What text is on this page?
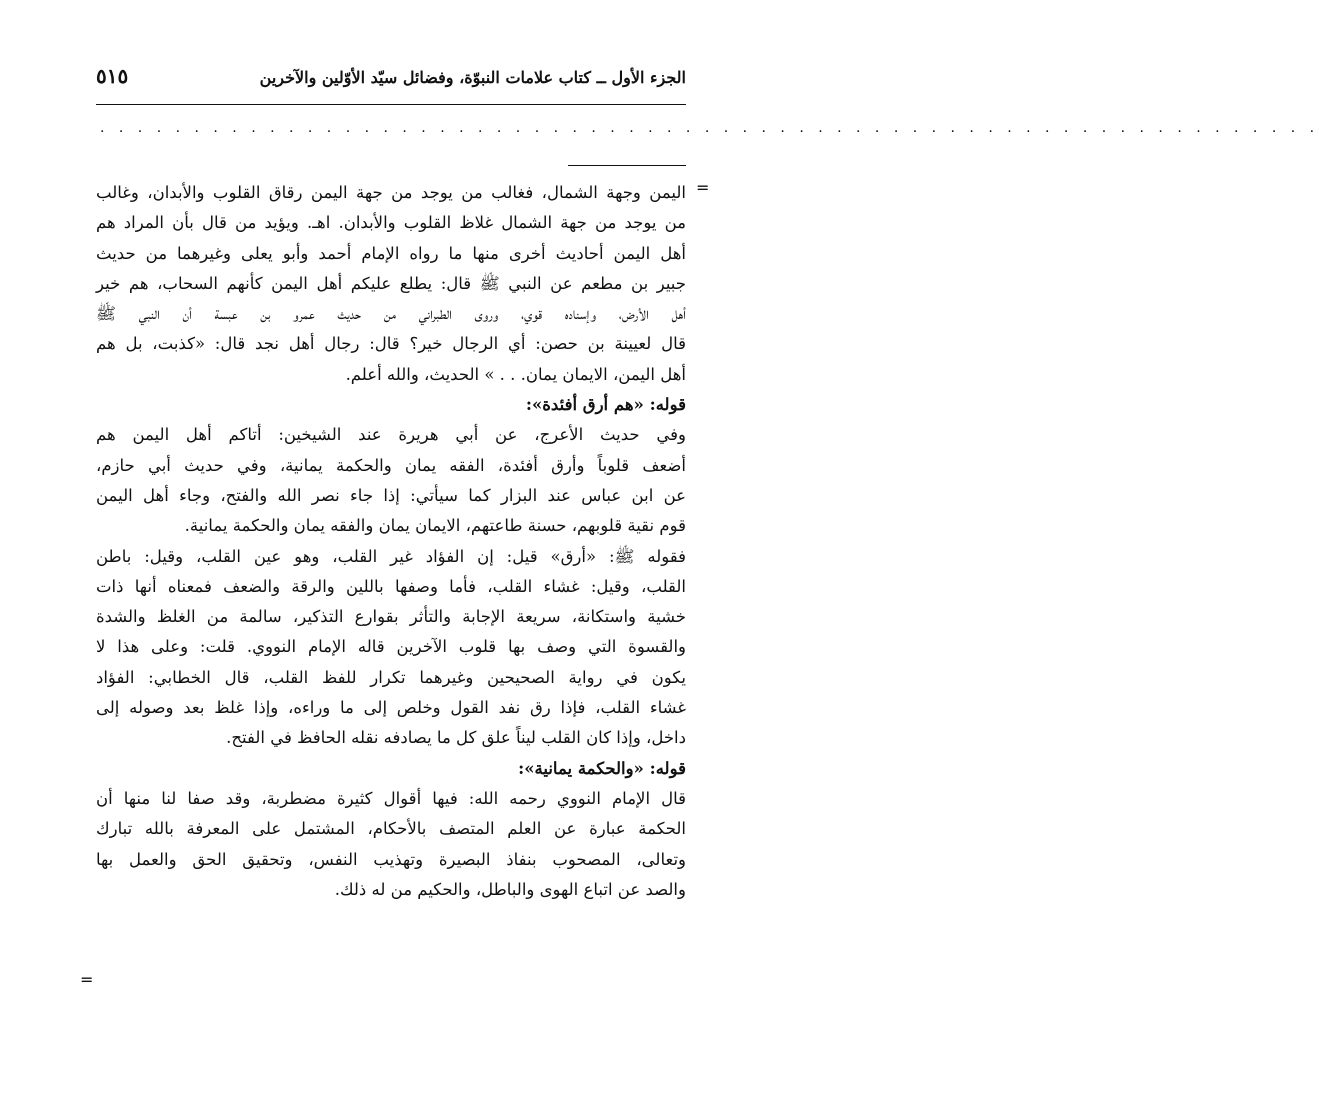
الجزء الأول ــ كتاب علامات النبوّة، وفضائل سيّد الأوّلين والآخرين
٥١٥
. . . . . . . . . . . . . . . . . . . . . . . . . . . . . . . . . . . . . . . . . . . . . . . . . . . . . . . . . . . . . . . . .
=
=
اليمن وجهة الشمال، فغالب من يوجد من جهة اليمن رقاق القلوب والأبدان، وغالب
من يوجد من جهة الشمال غلاظ القلوب والأبدان. اهـ. ويؤيد من قال بأن المراد هم
أهل اليمن أحاديث أخرى منها ما رواه الإمام أحمد وأبو يعلى وغيرهما من حديث
جبير بن مطعم عن النبي ﷺ قال: يطلع عليكم أهل اليمن كأنهم السحاب، هم خير
أهل الأرض، وإسناده قوي، وروى الطبراني من حديث عمرو بن عبسة أن النبي ﷺ
قال لعيينة بن حصن: أي الرجال خير؟ قال: رجال أهل نجد قال: «كذبت، بل هم
أهل اليمن، الايمان يمان. . . » الحديث، والله أعلم.
قوله: «هم أرق أفئدة»:
وفي حديث الأعرج، عن أبي هريرة عند الشيخين: أتاكم أهل اليمن هم
أضعف قلوباً وأرق أفئدة، الفقه يمان والحكمة يمانية، وفي حديث أبي حازم،
عن ابن عباس عند البزار كما سيأتي: إذا جاء نصر الله والفتح، وجاء أهل اليمن
قوم نقية قلوبهم، حسنة طاعتهم، الايمان يمان والفقه يمان والحكمة يمانية.
فقوله ﷺ: «أرق» قيل: إن الفؤاد غير القلب، وهو عين القلب، وقيل: باطن
القلب، وقيل: غشاء القلب، فأما وصفها باللين والرقة والضعف فمعناه أنها ذات
خشية واستكانة، سريعة الإجابة والتأثر بقوارع التذكير، سالمة من الغلظ والشدة
والقسوة التي وصف بها قلوب الآخرين قاله الإمام النووي. قلت: وعلى هذا لا
يكون في رواية الصحيحين وغيرهما تكرار للفظ القلب، قال الخطابي: الفؤاد
غشاء القلب، فإذا رق نفد القول وخلص إلى ما وراءه، وإذا غلظ بعد وصوله إلى
داخل، وإذا كان القلب ليناً علق كل ما يصادفه نقله الحافظ في الفتح.
قوله: «والحكمة يمانية»:
قال الإمام النووي رحمه الله: فيها أقوال كثيرة مضطربة، وقد صفا لنا منها أن
الحكمة عبارة عن العلم المتصف بالأحكام، المشتمل على المعرفة بالله تبارك
وتعالى، المصحوب بنفاذ البصيرة وتهذيب النفس، وتحقيق الحق والعمل بها
والصد عن اتباع الهوى والباطل، والحكيم من له ذلك.
